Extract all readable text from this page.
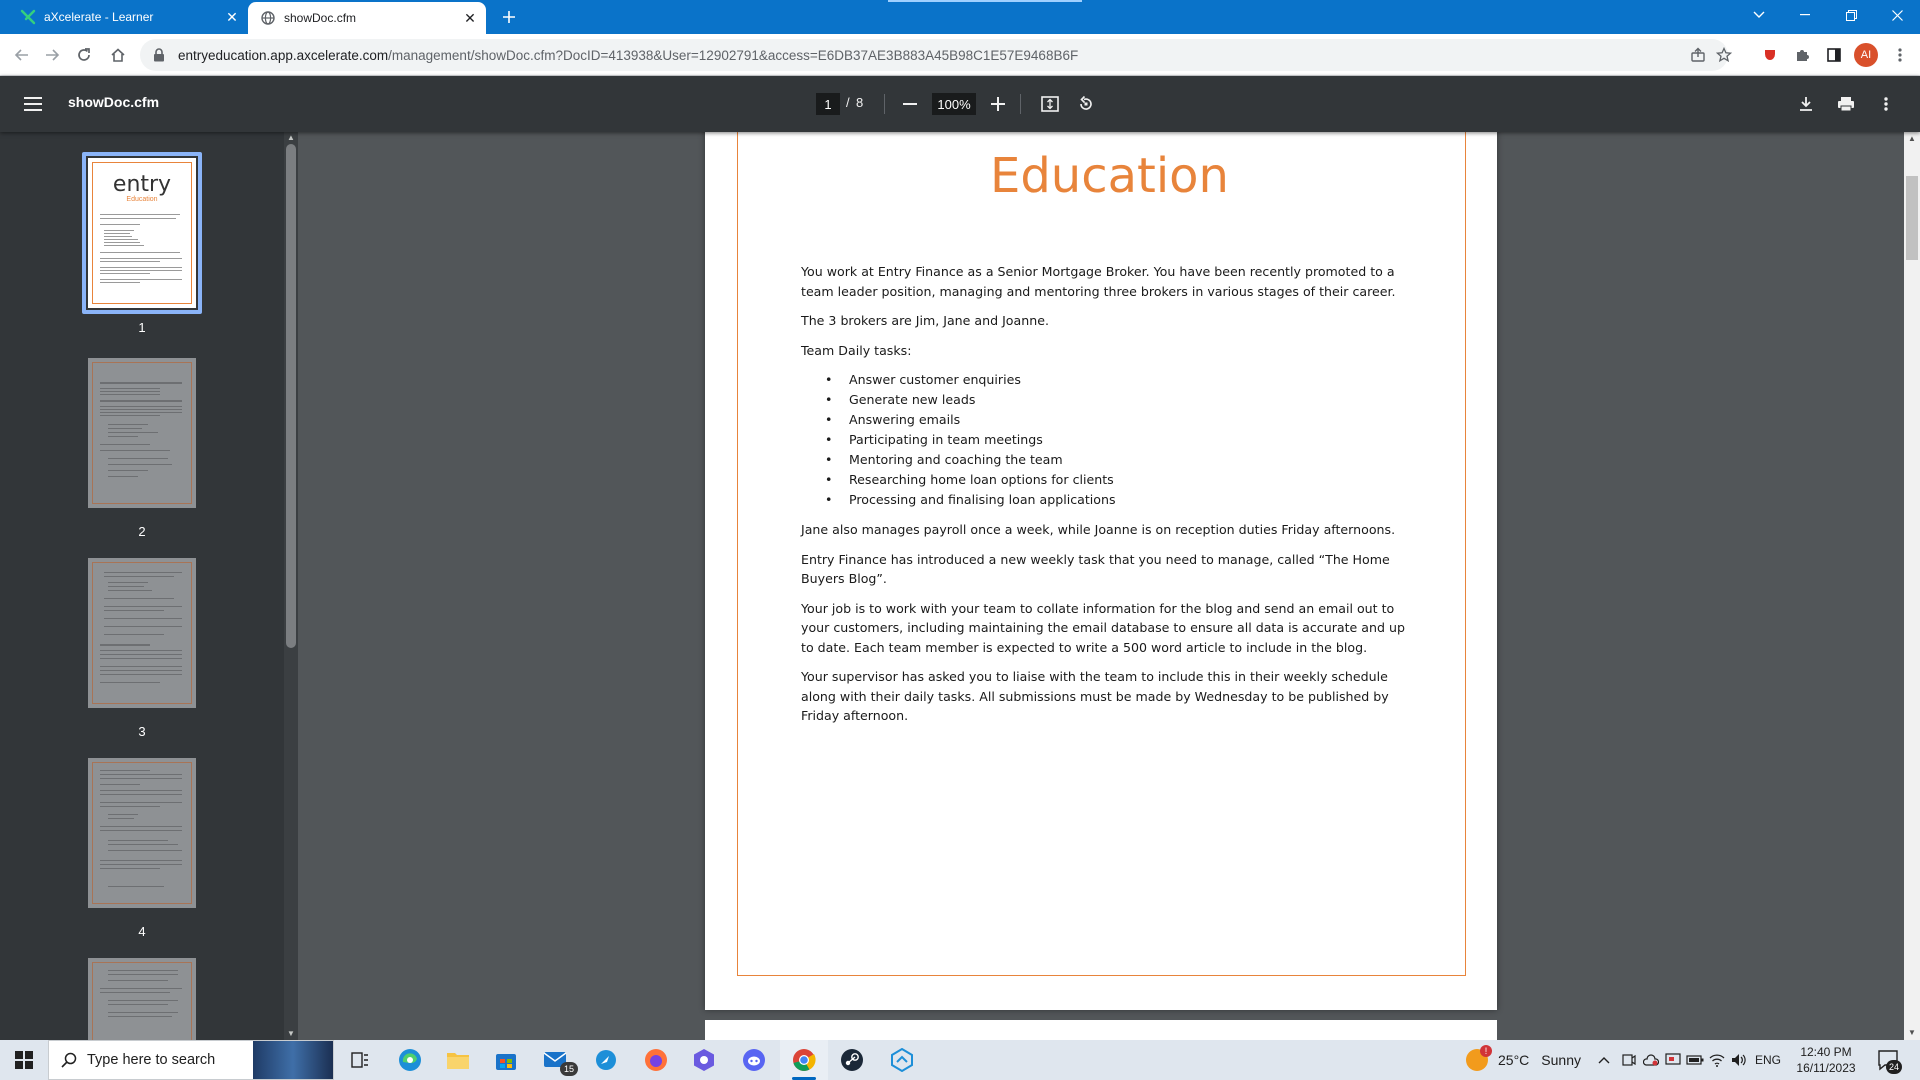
aXcelerate - Learner	✕	showDoc.cfm	✕
entryeducation.app.axcelerate.com/management/showDoc.cfm?DocID=413938&User=12902791&access=E6DB37AE3B883A45B98C1E57E9468B6F	AI
showDoc.cfm	1	/ 8	100%
entry
Education
1
2
3
4
▲
▼
Education

You work at Entry Finance as a Senior Mortgage Broker. You have been recently promoted to a team leader position, managing and mentoring three brokers in various stages of their career.

The 3 brokers are Jim, Jane and Joanne.

Team Daily tasks:

• Answer customer enquiries
• Generate new leads
• Answering emails
• Participating in team meetings
• Mentoring and coaching the team
• Researching home loan options for clients
• Processing and finalising loan applications

Jane also manages payroll once a week, while Joanne is on reception duties Friday afternoons.

Entry Finance has introduced a new weekly task that you need to manage, called “The Home Buyers Blog”.

Your job is to work with your team to collate information for the blog and send an email out to your customers, including maintaining the email database to ensure all data is accurate and up to date. Each team member is expected to write a 500 word article to include in the blog.

Your supervisor has asked you to liaise with the team to include this in their weekly schedule along with their daily tasks. All submissions must be made by Wednesday to be published by Friday afternoon.

▲
▼
Type here to search
15
!
25°C Sunny	ENG
12:40 PM
16/11/2023	24
